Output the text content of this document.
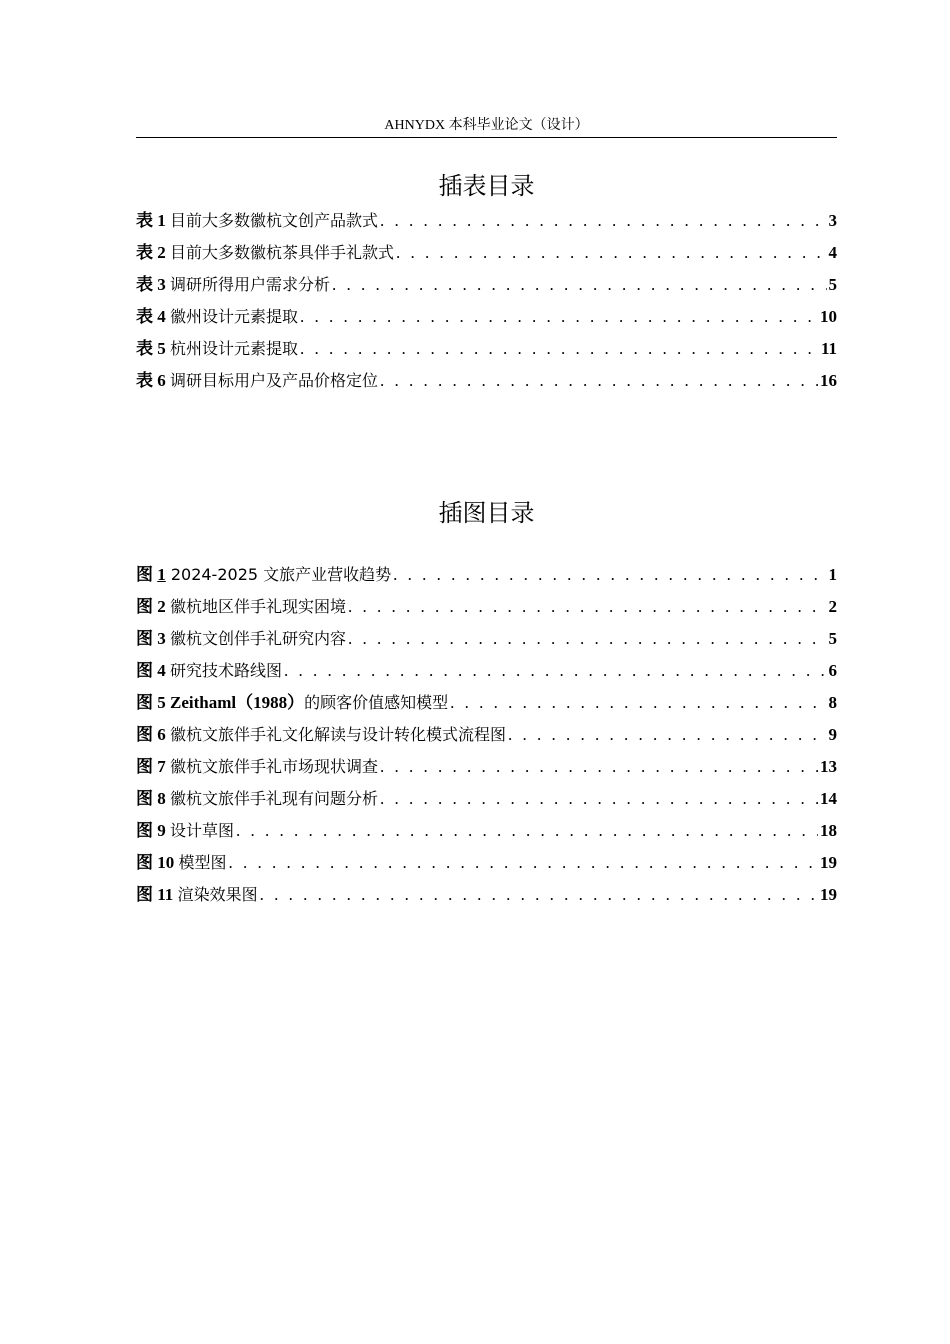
AHNYDX 本科毕业论文（设计）
插表目录
表 1 目前大多数徽杭文创产品款式 . . .	3
表 2 目前大多数徽杭茶具伴手礼款式 . . .	4
表 3 调研所得用户需求分析 . . .	5
表 4 徽州设计元素提取 . . .	10
表 5 杭州设计元素提取 . . .	11
表 6 调研目标用户及产品价格定位 . . .	16
插图目录
图 1 2024-2025 文旅产业营收趋势 . . .	1
图 2 徽杭地区伴手礼现实困境 . . .	2
图 3 徽杭文创伴手礼研究内容 . . .	5
图 4 研究技术路线图 . . .	6
图 5 Zeithaml（1988）的顾客价值感知模型 . . .	8
图 6 徽杭文旅伴手礼文化解读与设计转化模式流程图 . . .	9
图 7 徽杭文旅伴手礼市场现状调查 . . .	13
图 8 徽杭文旅伴手礼现有问题分析 . . .	14
图 9 设计草图 . . .	18
图 10 模型图 . . .	19
图 11 渲染效果图 . . .	19
